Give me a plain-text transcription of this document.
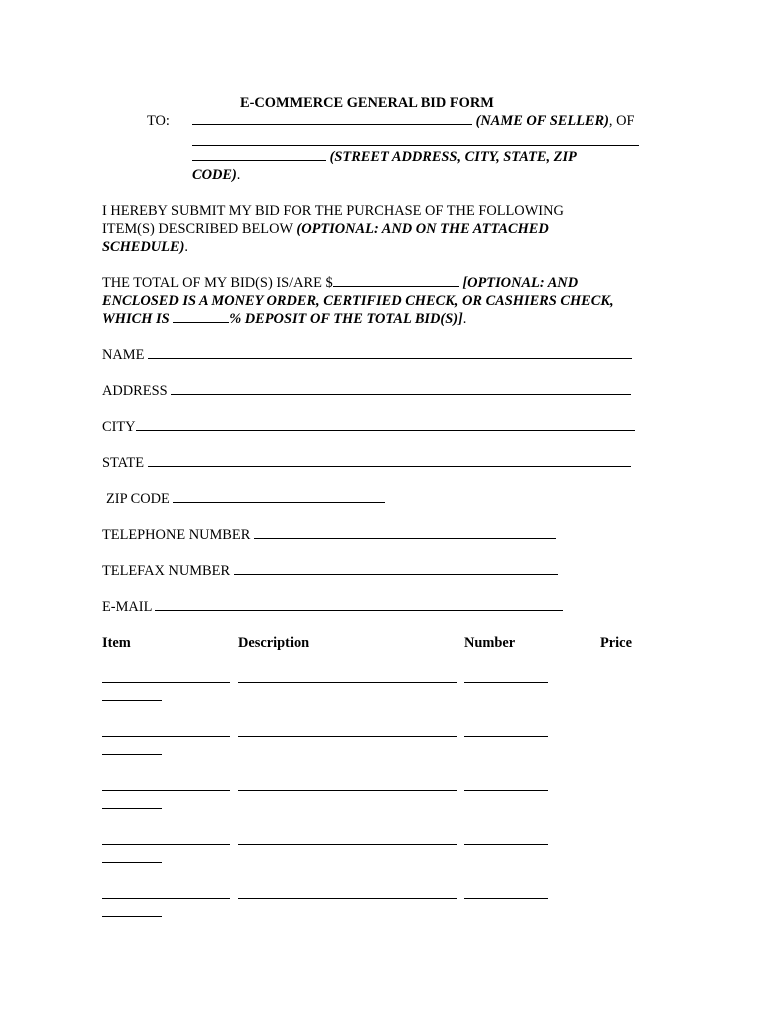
E-COMMERCE GENERAL BID FORM
TO:	(NAME OF SELLER), OF
(STREET ADDRESS, CITY, STATE, ZIP
CODE).
I HEREBY SUBMIT MY BID FOR THE PURCHASE OF THE FOLLOWING
ITEM(S) DESCRIBED BELOW (OPTIONAL: AND ON THE ATTACHED
SCHEDULE).
THE TOTAL OF MY BID(S) IS/ARE $	[OPTIONAL: AND
ENCLOSED IS A MONEY ORDER, CERTIFIED CHECK, OR CASHIERS CHECK,
WHICH IS	% DEPOSIT OF THE TOTAL BID(S)].
NAME
ADDRESS
CITY
STATE
ZIP CODE
TELEPHONE NUMBER
TELEFAX NUMBER
E-MAIL
Item	Description	Number	Price
